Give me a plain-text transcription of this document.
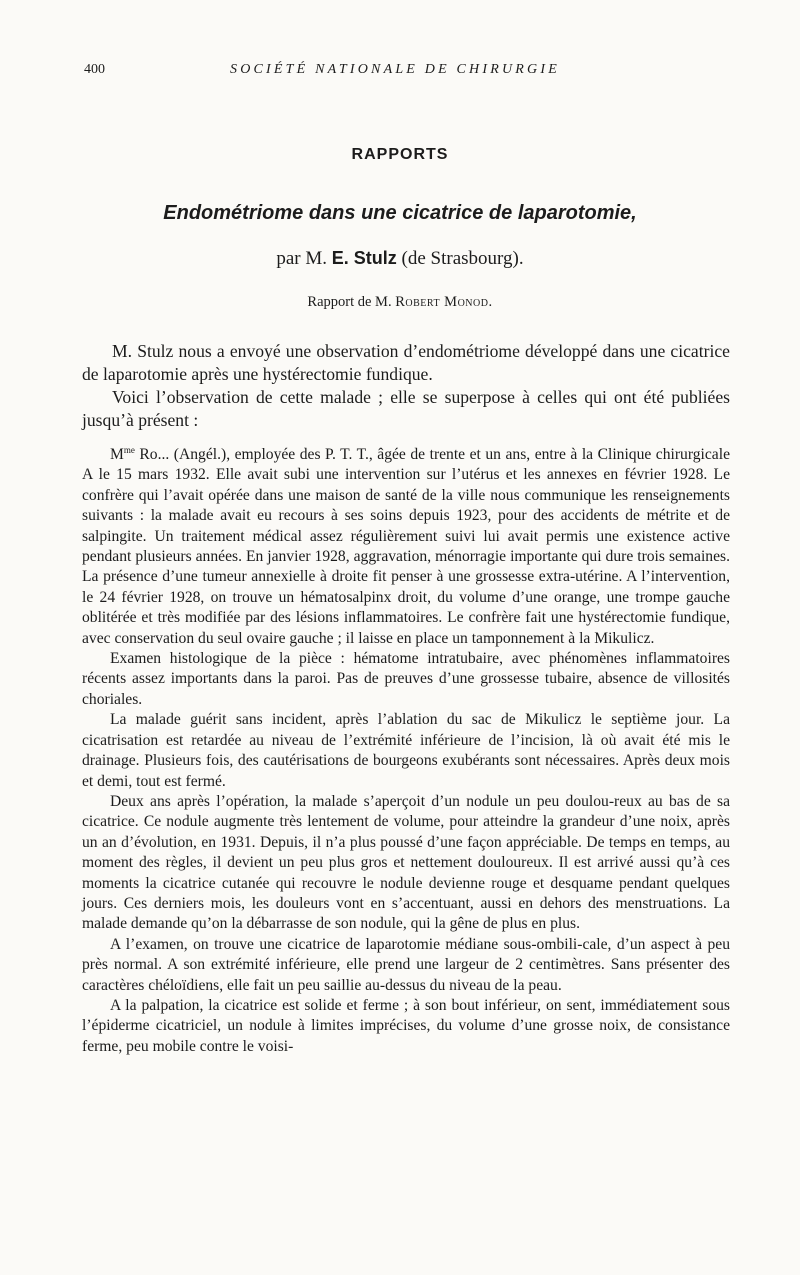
400	SOCIÉTÉ NATIONALE DE CHIRURGIE
RAPPORTS
Endométriome dans une cicatrice de laparotomie,
par M. E. Stulz (de Strasbourg).
Rapport de M. Robert Monod.

M. Stulz nous a envoyé une observation d’endométriome développé dans une cicatrice de laparotomie après une hystérectomie fundique.

Voici l’observation de cette malade ; elle se superpose à celles qui ont été publiées jusqu’à présent :

$M^{me}$ Ro... (Angél.), employée des P. T. T., âgée de trente et un ans, entre à la Clinique chirurgicale A le 15 mars 1932. Elle avait subi une intervention sur l’utérus et les annexes en février 1928. Le confrère qui l’avait opérée dans une maison de santé de la ville nous communique les renseignements suivants : la malade avait eu recours à ses soins depuis 1923, pour des accidents de métrite et de salpingite. Un traitement médical assez régulièrement suivi lui avait permis une existence active pendant plusieurs années. En janvier 1928, aggravation, ménorragie importante qui dure trois semaines. La présence d’une tumeur annexielle à droite fit penser à une grossesse extra-utérine. A l’intervention, le 24 février 1928, on trouve un hématosalpinx droit, du volume d’une orange, une trompe gauche oblitérée et très modifiée par des lésions inflammatoires. Le confrère fait une hystérectomie fundique, avec conservation du seul ovaire gauche ; il laisse en place un tamponnement à la Mikulicz.

Examen histologique de la pièce : hématome intratubaire, avec phénomènes inflammatoires récents assez importants dans la paroi. Pas de preuves d’une grossesse tubaire, absence de villosités choriales.

La malade guérit sans incident, après l’ablation du sac de Mikulicz le septième jour. La cicatrisation est retardée au niveau de l’extrémité inférieure de l’incision, là où avait été mis le drainage. Plusieurs fois, des cautérisations de bourgeons exubérants sont nécessaires. Après deux mois et demi, tout est fermé.

Deux ans après l’opération, la malade s’aperçoit d’un nodule un peu doulou-reux au bas de sa cicatrice. Ce nodule augmente très lentement de volume, pour atteindre la grandeur d’une noix, après un an d’évolution, en 1931. Depuis, il n’a plus poussé d’une façon appréciable. De temps en temps, au moment des règles, il devient un peu plus gros et nettement douloureux. Il est arrivé aussi qu’à ces moments la cicatrice cutanée qui recouvre le nodule devienne rouge et desquame pendant quelques jours. Ces derniers mois, les douleurs vont en s’accentuant, aussi en dehors des menstruations. La malade demande qu’on la débarrasse de son nodule, qui la gêne de plus en plus.

A l’examen, on trouve une cicatrice de laparotomie médiane sous-ombili-cale, d’un aspect à peu près normal. A son extrémité inférieure, elle prend une largeur de 2 centimètres. Sans présenter des caractères chéloïdiens, elle fait un peu saillie au-dessus du niveau de la peau.

A la palpation, la cicatrice est solide et ferme ; à son bout inférieur, on sent, immédiatement sous l’épiderme cicatriciel, un nodule à limites imprécises, du volume d’une grosse noix, de consistance ferme, peu mobile contre le voisi-
